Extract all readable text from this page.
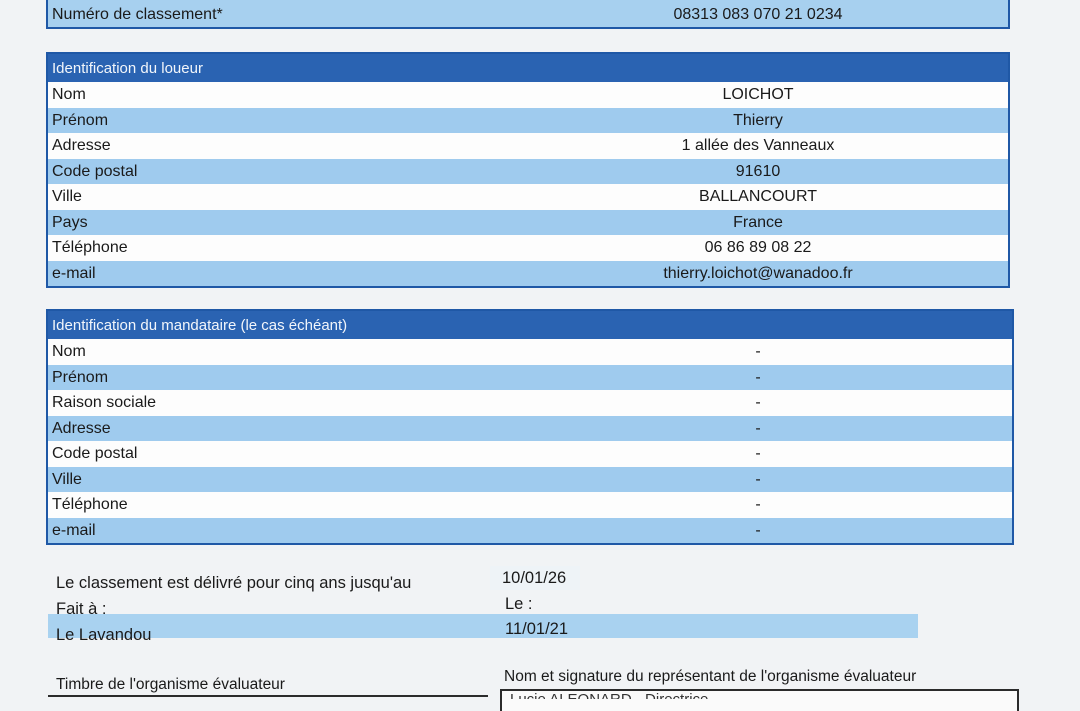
Numéro de classement*	08313 083 070 21 0234
Identification du loueur
Nom	LOICHOT
Prénom	Thierry
Adresse	1 allée des Vanneaux
Code postal	91610
Ville	BALLANCOURT
Pays	France
Téléphone	06 86 89 08 22
e-mail	thierry.loichot@wanadoo.fr
Identification du mandataire (le cas échéant)
Nom	-
Prénom	-
Raison sociale	-
Adresse	-
Code postal	-
Ville	-
Téléphone	-
e-mail	-
Le classement est délivré pour cinq ans jusqu'au	10/01/26
Fait à :	Le :
Le Lavandou	11/01/21
Timbre de l'organisme évaluateur	Nom et signature du représentant de l'organisme évaluateur
